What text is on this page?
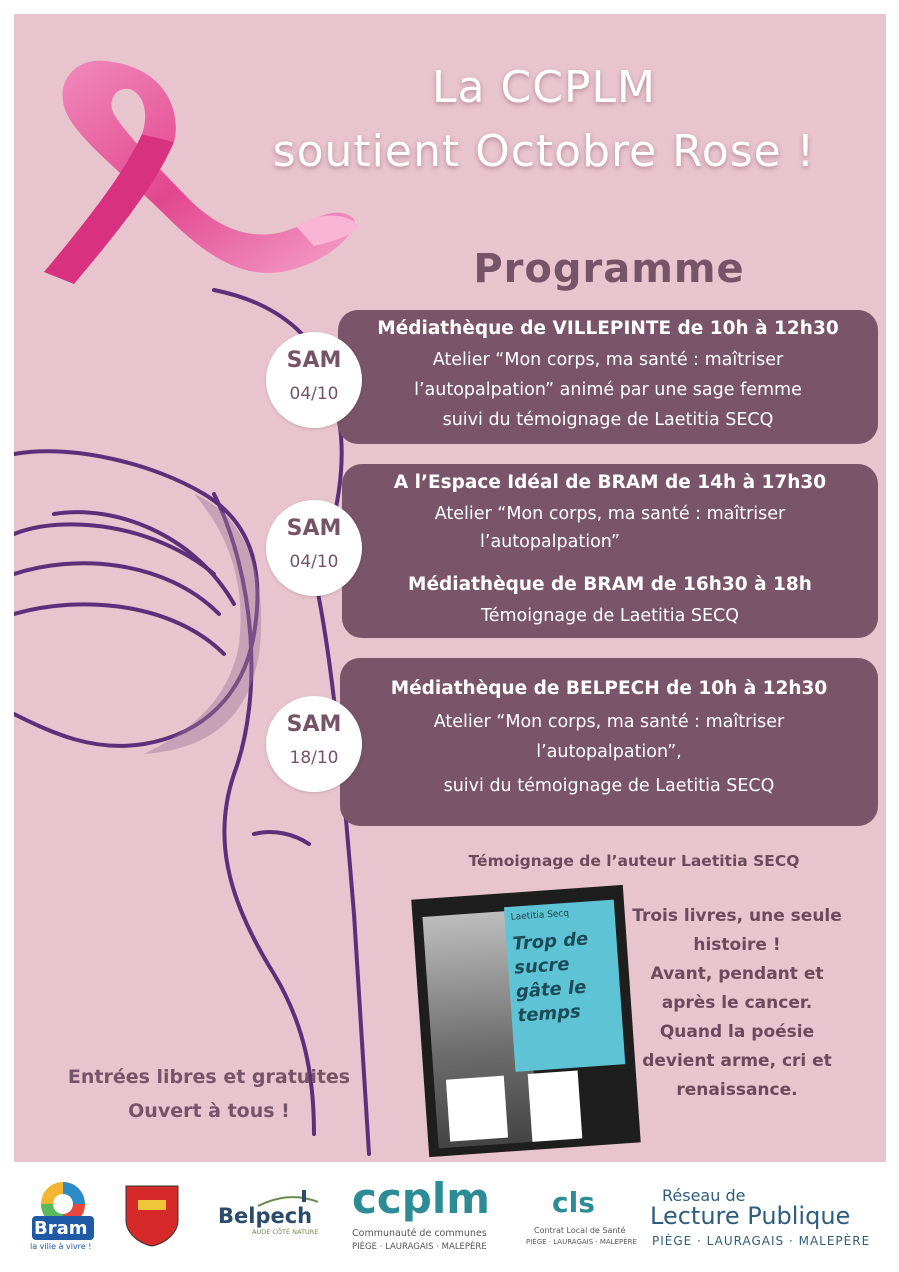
La CCPLM
soutient Octobre Rose !
Programme
Médiathèque de VILLEPINTE de 10h à 12h30
Atelier “Mon corps, ma santé : maîtriser
l’autopalpation” animé par une sage femme
suivi du témoignage de Laetitia SECQ
SAM
04/10
A l’Espace Idéal de BRAM de 14h à 17h30
Atelier “Mon corps, ma santé : maîtriser
l’autopalpation”
Médiathèque de BRAM de 16h30 à 18h
Témoignage de Laetitia SECQ
SAM
04/10
Médiathèque de BELPECH de 10h à 12h30
Atelier “Mon corps, ma santé : maîtriser
l’autopalpation”,
suivi du témoignage de Laetitia SECQ
SAM
18/10
Témoignage de l’auteur Laetitia SECQ
Laetitia Secq
Trop de sucre gâte le temps
Trois livres, une seule
histoire !
Avant, pendant et
après le cancer.
Quand la poésie
devient arme, cri et
renaissance.
Entrées libres et gratuites
Ouvert à tous !
Bram
la ville à vivre !
Belpech
AUDE CÔTÉ NATURE
ccplm
Communauté de communes
PIÈGE · LAURAGAIS · MALEPÈRE
cls
Contrat Local de Santé
PIÈGE · LAURAGAIS · MALEPÈRE
Réseau de
Lecture Publique
PIÈGE · LAURAGAIS · MALEPÈRE
